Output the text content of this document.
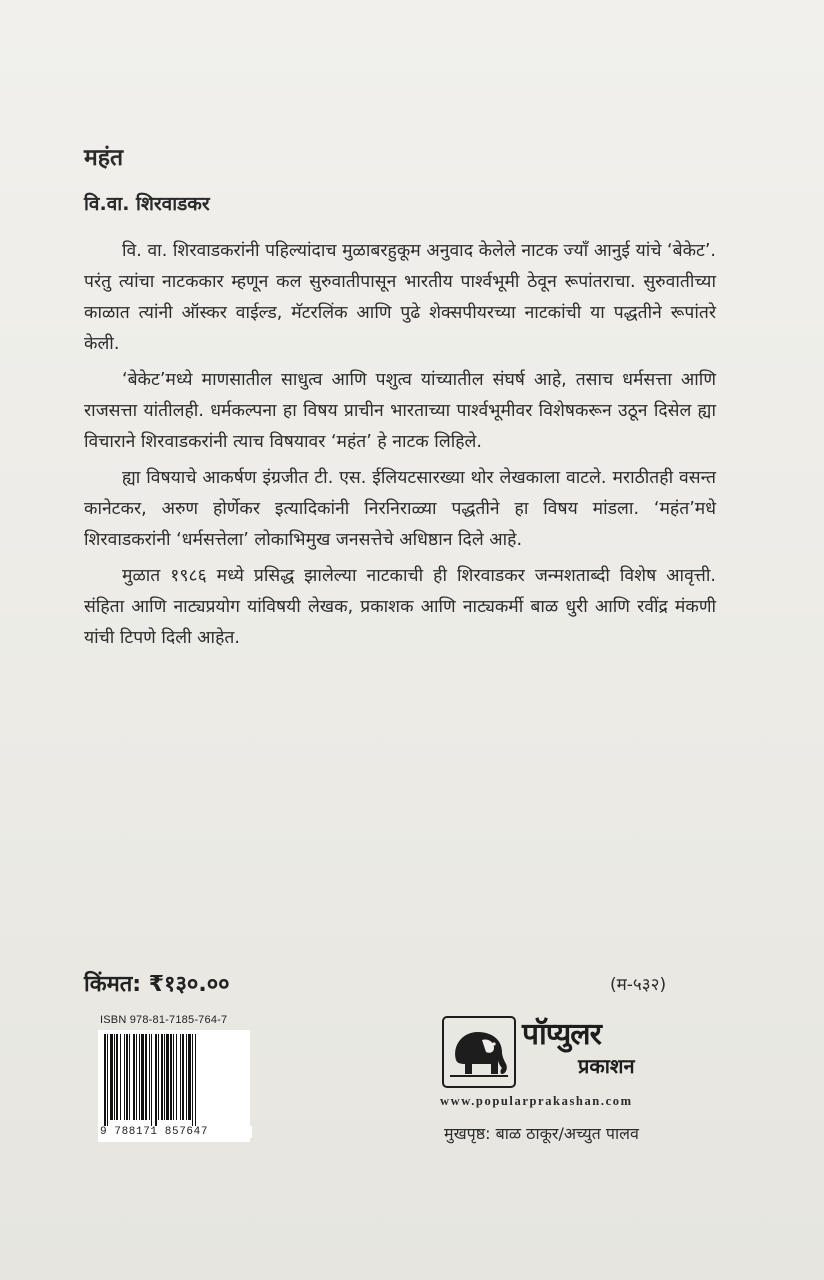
महंत
वि.वा. शिरवाडकर

वि. वा. शिरवाडकरांनी पहिल्यांदाच मुळाबरहुकूम अनुवाद केलेले नाटक ज्याँ आनुई यांचे ‘बेकेट’. परंतु त्यांचा नाटककार म्हणून कल सुरुवातीपासून भारतीय पार्श्वभूमी ठेवून रूपांतराचा. सुरुवातीच्या काळात त्यांनी ऑस्कर वाईल्ड, मॅटरलिंक आणि पुढे शेक्सपीयरच्या नाटकांची या पद्धतीने रूपांतरे केली.

‘बेकेट’मध्ये माणसातील साधुत्व आणि पशुत्व यांच्यातील संघर्ष आहे, तसाच धर्मसत्ता आणि राजसत्ता यांतीलही. धर्मकल्पना हा विषय प्राचीन भारताच्या पार्श्वभूमीवर विशेषकरून उठून दिसेल ह्या विचाराने शिरवाडकरांनी त्याच विषयावर ‘महंत’ हे नाटक लिहिले.

ह्या विषयाचे आकर्षण इंग्रजीत टी. एस. ईलियटसारख्या थोर लेखकाला वाटले. मराठीतही वसन्त कानेटकर, अरुण होर्णेकर इत्यादिकांनी निरनिराळ्या पद्धतीने हा विषय मांडला. ‘महंत’मधे शिरवाडकरांनी ‘धर्मसत्तेला’ लोकाभिमुख जनसत्तेचे अधिष्ठान दिले आहे.

मुळात १९८६ मध्ये प्रसिद्ध झालेल्या नाटकाची ही शिरवाडकर जन्मशताब्दी विशेष आवृत्ती. संहिता आणि नाट्यप्रयोग यांविषयी लेखक, प्रकाशक आणि नाट्यकर्मी बाळ धुरी आणि रवींद्र मंकणी यांची टिपणे दिली आहेत.

किंमत: ₹१३०.००	(म-५३२)
ISBN 978-81-7185-764-7
9 788171 857647
पॉप्युलर
प्रकाशन
www.popularprakashan.com
मुखपृष्ठ: बाळ ठाकूर/अच्युत पालव
